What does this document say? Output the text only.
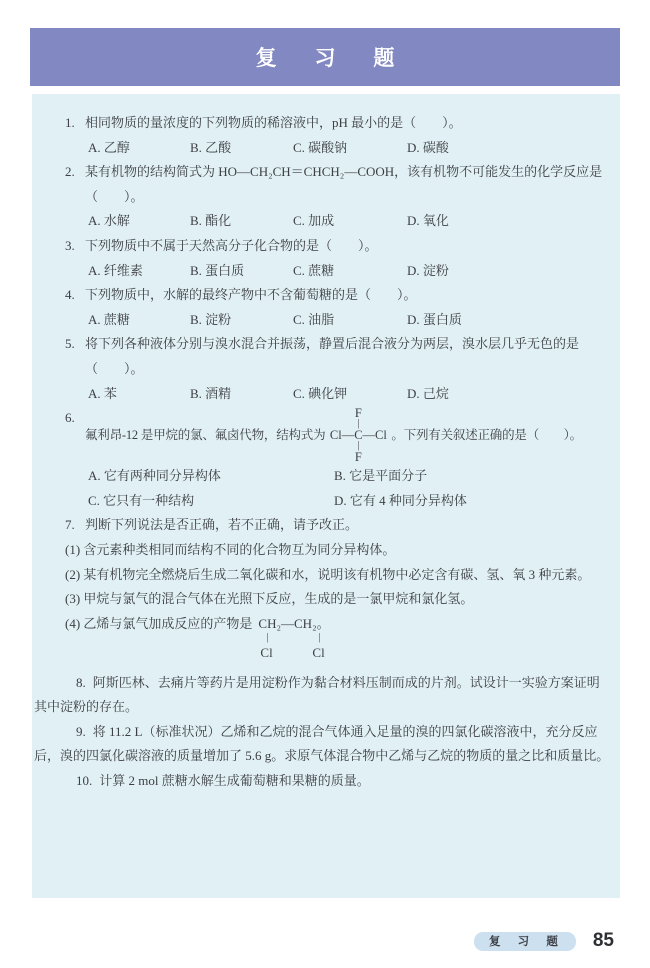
复 习 题
1. 相同物质的量浓度的下列物质的稀溶液中，pH 最小的是（　　）。
A. 乙醇	B. 乙酸	C. 碳酸钠	D. 碳酸
2. 某有机物的结构简式为 HO—CH₂CH＝CHCH₂—COOH，该有机物不可能发生的化学反应是（　　）。
A. 水解	B. 酯化	C. 加成	D. 氧化
3. 下列物质中不属于天然高分子化合物的是（　　）。
A. 纤维素	B. 蛋白质	C. 蔗糖	D. 淀粉
4. 下列物质中，水解的最终产物中不含葡萄糖的是（　　）。
A. 蔗糖	B. 淀粉	C. 油脂	D. 蛋白质
5. 将下列各种液体分别与溴水混合并振荡，静置后混合液分为两层，溴水层几乎无色的是（　　）。
A. 苯	B. 酒精	C. 碘化钾	D. 己烷
6.
氟利昂-12 是甲烷的氯、氟卤代物，结构式为
F
|
Cl—C—Cl
|
F
。下列有关叙述正确的是（　　）。
A. 它有两种同分异构体	B. 它是平面分子
C. 它只有一种结构	D. 它有 4 种同分异构体
7. 判断下列说法是否正确，若不正确，请予改正。
(1) 含元素种类相同而结构不同的化合物互为同分异构体。
(2) 某有机物完全燃烧后生成二氧化碳和水，说明该有机物中必定含有碳、氢、氧 3 种元素。
(3) 甲烷与氯气的混合气体在光照下反应，生成的是一氯甲烷和氯化氢。
(4) 乙烯与氯气加成反应的产物是 CH₂—CH₂。
|	|
Cl	Cl

8. 阿斯匹林、去痛片等药片是用淀粉作为黏合材料压制而成的片剂。试设计一实验方案证明其中淀粉的存在。

9. 将 11.2 L（标准状况）乙烯和乙烷的混合气体通入足量的溴的四氯化碳溶液中，充分反应后，溴的四氯化碳溶液的质量增加了 5.6 g。求原气体混合物中乙烯与乙烷的物质的量之比和质量比。

10. 计算 2 mol 蔗糖水解生成葡萄糖和果糖的质量。

复 习 题	85
